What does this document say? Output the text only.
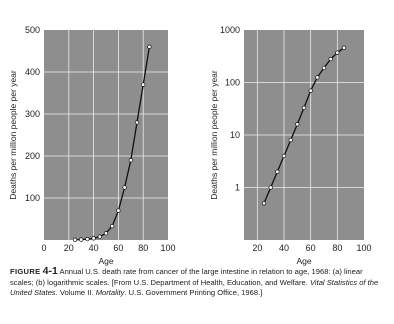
0 20 40 60 80 100
100
200
300
400
500
Age
Deaths per million people per year
20 40 60 80 100
1
10
100
1000
Age
Deaths per million people per year

FIGURE 4-1 Annual U.S. death rate from cancer of the large intestine in relation to age, 1968: (a) linear scales; (b) logarithmic scales. [From U.S. Department of Health, Education, and Welfare. Vital Statistics of the United States. Volume II. Mortality. U.S. Government Printing Office, 1968.]
